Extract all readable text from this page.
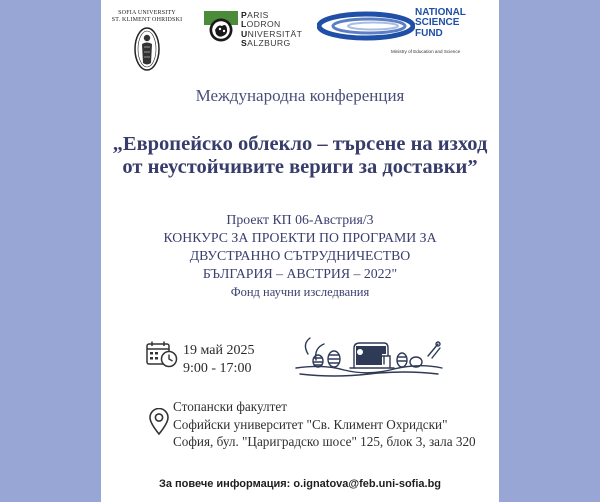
SOFIA UNIVERSITY
ST. KLIMENT OHRIDSKI	PARIS
LODRON
UNIVERSITÄT
SALZBURG
NATIONAL
SCIENCE
FUND
Ministry of Education and Science
Международна конференция
„Европейско облекло – търсене на изход
от неустойчивите вериги за доставки”
Проект КП 06-Австрия/3
КОНКУРС ЗА ПРОЕКТИ ПО ПРОГРАМИ ЗА
ДВУСТРАННО СЪТРУДНИЧЕСТВО
БЪЛГАРИЯ – АВСТРИЯ – 2022"
Фонд научни изследвания
19 май 2025
9:00 - 17:00
Стопански факултет
Софийски университет "Св. Климент Охридски"
София, бул. "Цариградско шосе" 125, блок 3, зала 320
За повече информация: o.ignatova@feb.uni-sofia.bg
